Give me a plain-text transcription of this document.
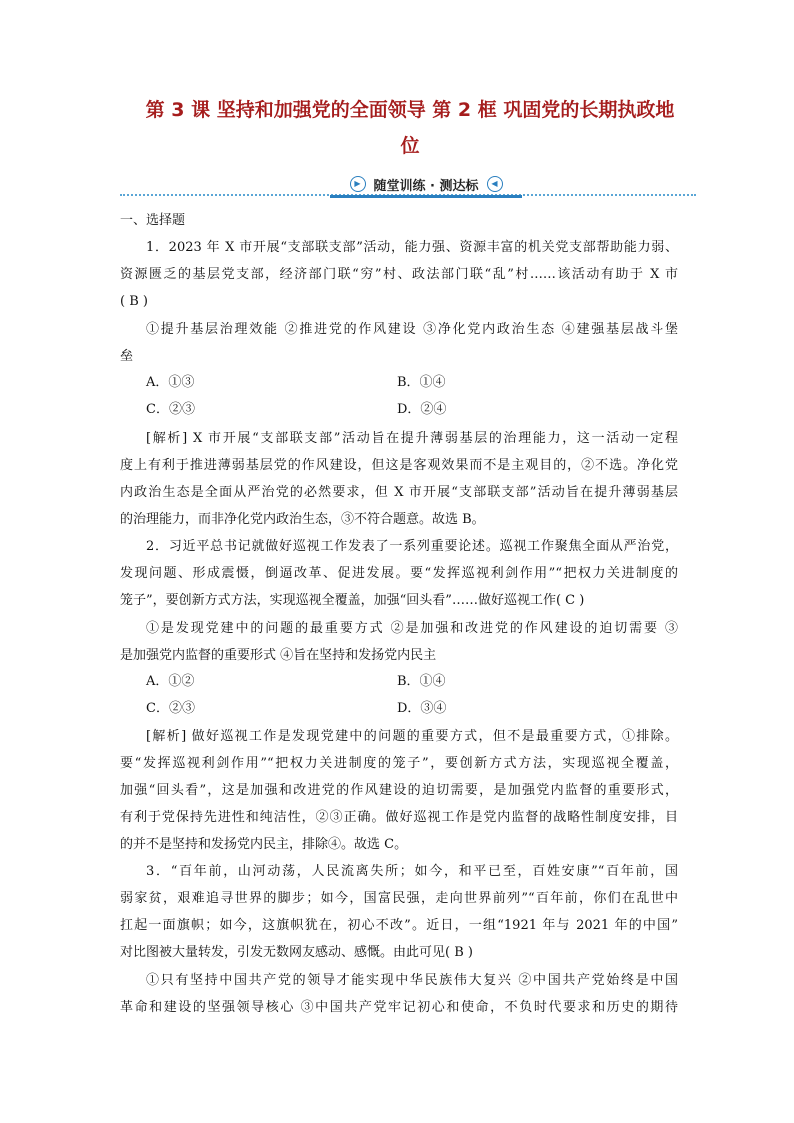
第 3 课 坚持和加强党的全面领导 第 2 框 巩固党的长期执政地
位
▶ 随堂训练 · 测达标	◀
一、选择题
1．2023 年 X 市开展“支部联支部”活动，能力强、资源丰富的机关党支部帮助能力弱、
资源匮乏的基层党支部，经济部门联“穷”村、政法部门联“乱”村……该活动有助于 X 市
( B )
①提升基层治理效能 ②推进党的作风建设 ③净化党内政治生态 ④建强基层战斗堡
垒
A．①③	B．①④
C．②③	D．②④
[解析] X 市开展“支部联支部”活动旨在提升薄弱基层的治理能力，这一活动一定程
度上有利于推进薄弱基层党的作风建设，但这是客观效果而不是主观目的，②不选。净化党
内政治生态是全面从严治党的必然要求，但 X 市开展“支部联支部”活动旨在提升薄弱基层
的治理能力，而非净化党内政治生态，③不符合题意。故选 B。
2．习近平总书记就做好巡视工作发表了一系列重要论述。巡视工作聚焦全面从严治党，
发现问题、形成震慑，倒逼改革、促进发展。要“发挥巡视利剑作用”“把权力关进制度的
笼子”，要创新方式方法，实现巡视全覆盖，加强“回头看”……做好巡视工作( C )
①是发现党建中的问题的最重要方式 ②是加强和改进党的作风建设的迫切需要 ③
是加强党内监督的重要形式 ④旨在坚持和发扬党内民主
A．①②	B．①④
C．②③	D．③④
[解析] 做好巡视工作是发现党建中的问题的重要方式，但不是最重要方式，①排除。
要“发挥巡视利剑作用”“把权力关进制度的笼子”，要创新方式方法，实现巡视全覆盖，
加强“回头看”，这是加强和改进党的作风建设的迫切需要，是加强党内监督的重要形式，
有利于党保持先进性和纯洁性，②③正确。做好巡视工作是党内监督的战略性制度安排，目
的并不是坚持和发扬党内民主，排除④。故选 C。
3．“百年前，山河动荡，人民流离失所；如今，和平已至，百姓安康”“百年前，国
弱家贫，艰难追寻世界的脚步；如今，国富民强，走向世界前列”“百年前，你们在乱世中
扛起一面旗帜；如今，这旗帜犹在，初心不改”。近日，一组“1921 年与 2021 年的中国”
对比图被大量转发，引发无数网友感动、感慨。由此可见( B )
①只有坚持中国共产党的领导才能实现中华民族伟大复兴 ②中国共产党始终是中国
革命和建设的坚强领导核心 ③中国共产党牢记初心和使命，不负时代要求和历史的期待
